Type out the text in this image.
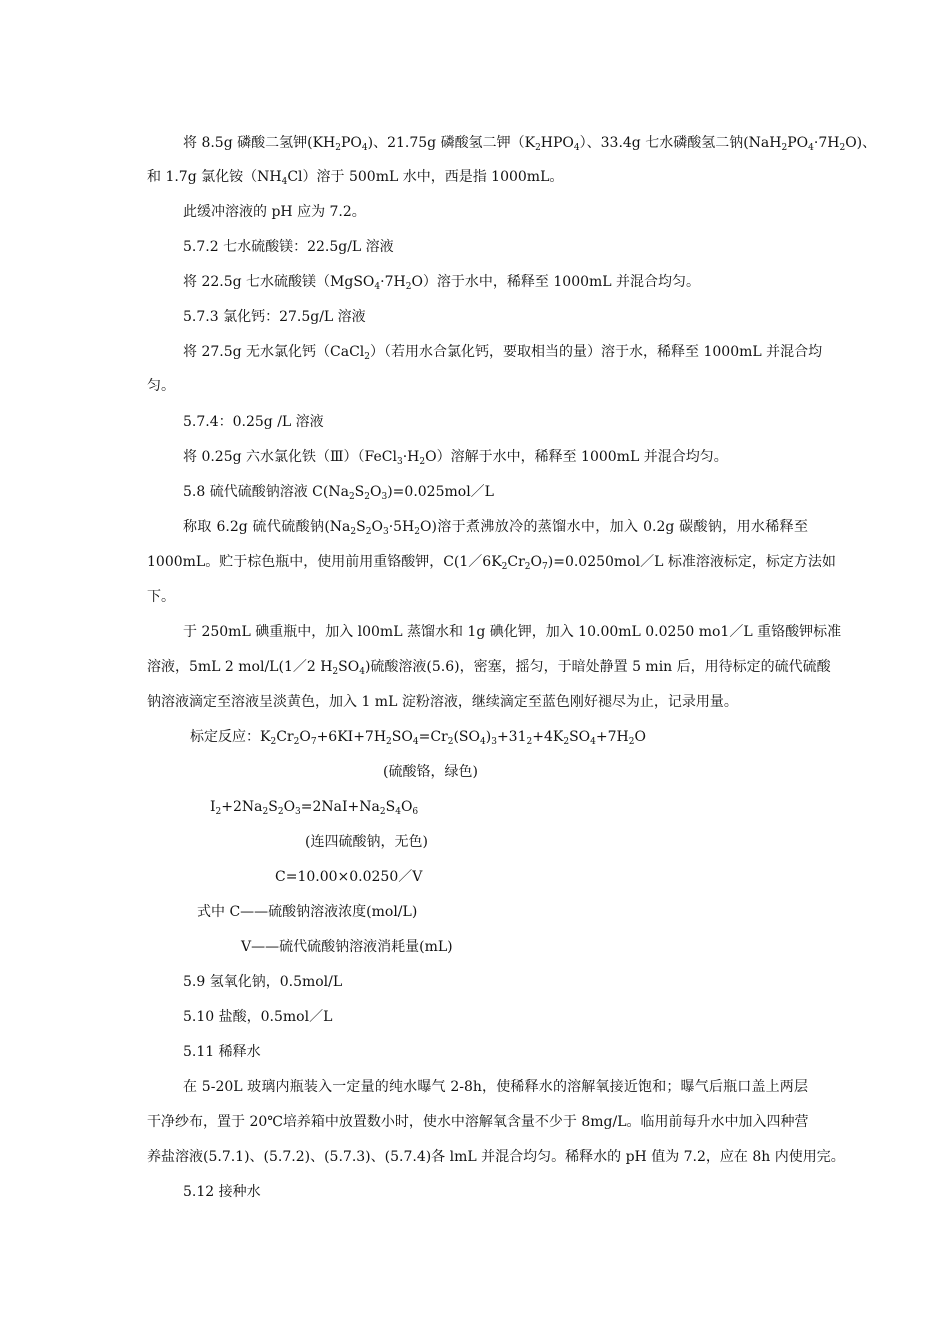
将 8.5g 磷酸二氢钾$(KH_2PO_4)$、21.75g 磷酸氢二钾$(K_2HPO_4)$、33.4g 七水磷酸氢二钠$(NaH_2PO_4\cdot 7H_2O)$、
和 1.7g 氯化铵$(NH_4Cl)$溶于 500mL 水中，西是指 1000mL。
此缓冲溶液的 pH 应为 7.2。
5.7.2 七水硫酸镁：22.5g/L 溶液
将 22.5g 七水硫酸镁$(MgSO_4\cdot 7H_2O)$溶于水中，稀释至 1000mL 并混合均匀。
5.7.3 氯化钙：27.5g/L 溶液
将 27.5g 无水氯化钙（CaCl$_2$）（若用水合氯化钙，要取相当的量）溶于水，稀释至 1000mL 并混合均
匀。
5.7.4：0.25g /L 溶液
将 0.25g 六水氯化铁$(Ⅲ)(FeCl_3\cdot H_2O)$溶解于水中，稀释至 1000mL 并混合均匀。
5.8 硫代硫酸钠溶液 $C(Na_2S_2O_3)=0.025mol/L$
称取 6.2g 硫代硫酸钠$(Na_2S_2O_3\cdot 5H_2O)$溶于煮沸放冷的蒸馏水中，加入 0.2g 碳酸钠，用水稀释至
1000mL。贮于棕色瓶中，使用前用重铬酸钾，$C(1/6K_2Cr_2O_7)=0.0250mol/L$ 标准溶液标定，标定方法如
下。
于 250mL 碘重瓶中，加入 l00mL 蒸馏水和 1g 碘化钾，加入 10.00mL 0.0250 mo1／L 重铬酸钾标准
溶液，5mL 2 mol/L(1／2 $H_2SO_4$)硫酸溶液(5.6)，密塞，摇匀，于暗处静置 5 min 后，用待标定的硫代硫酸
钠溶液滴定至溶液呈淡黄色，加入 1 mL 淀粉溶液，继续滴定至蓝色刚好褪尽为止，记录用量。
标定反应：$K_2Cr_2O_7+6KI+7H_2SO_4=Cr_2(SO_4)_3+31_2+4K_2SO_4+7H_2O$
(硫酸铬，绿色)
$I_2+2Na_2S_2O_3=2NaI+Na_2S_4O_6$
(连四硫酸钠，无色)
C=10.00×0.0250／V
式中 C——硫酸钠溶液浓度(mol/L)
V——硫代硫酸钠溶液消耗量(mL)
5.9 氢氧化钠，0.5mol/L
5.10 盐酸，0.5mol／L
5.11 稀释水
在 5-20L 玻璃内瓶装入一定量的纯水曝气 2-8h，使稀释水的溶解氧接近饱和；曝气后瓶口盖上两层
干净纱布，置于 20℃培养箱中放置数小时，使水中溶解氧含量不少于 8mg/L。临用前每升水中加入四种营
养盐溶液(5.7.1)、(5.7.2)、(5.7.3)、(5.7.4)各 lmL 并混合均匀。稀释水的 pH 值为 7.2，应在 8h 内使用完。
5.12 接种水
